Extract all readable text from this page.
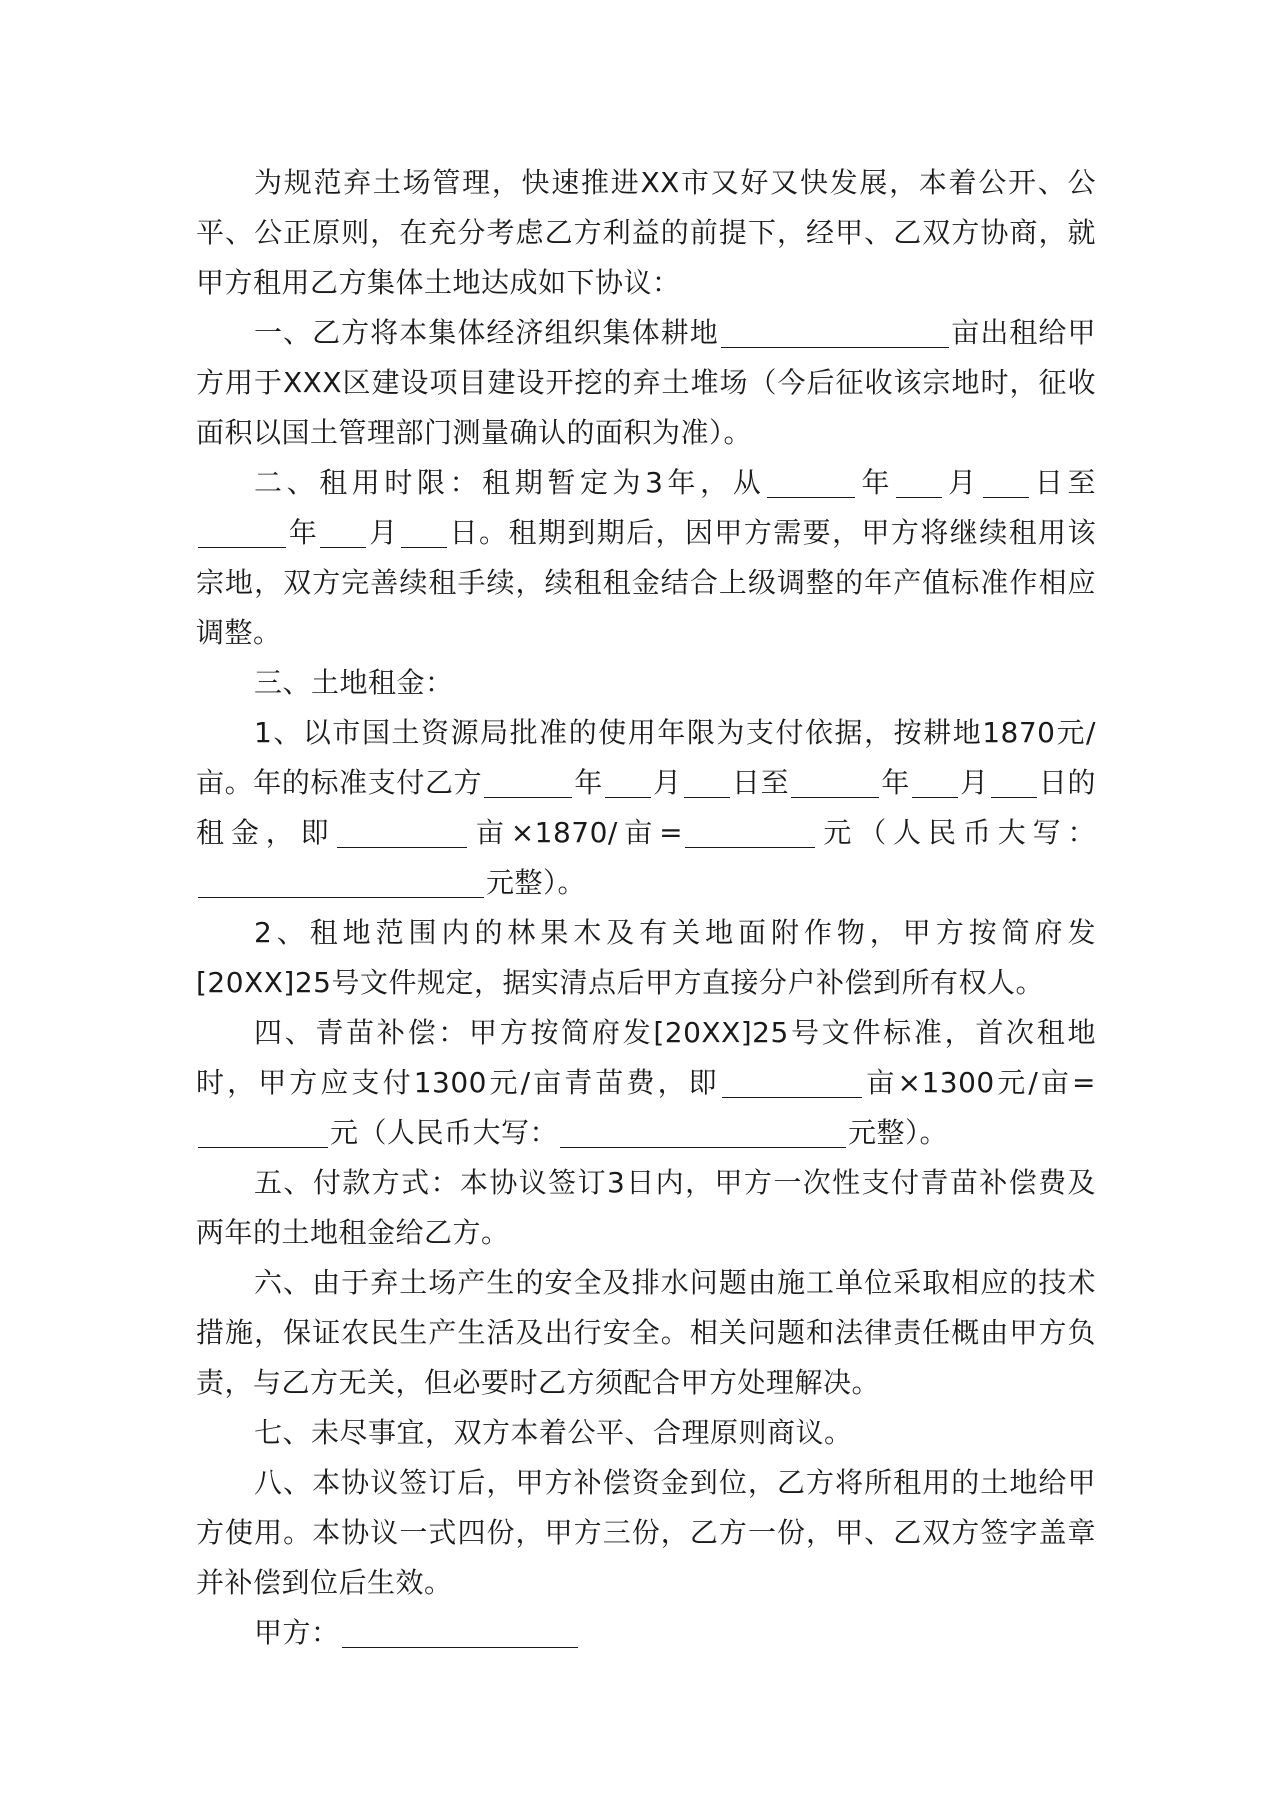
为规范弃土场管理，快速推进XX市又好又快发展，本着公开、公平、公正原则，在充分考虑乙方利益的前提下，经甲、乙双方协商，就甲方租用乙方集体土地达成如下协议：

一、乙方将本集体经济组织集体耕地	亩出租给甲方用于XXX区建设项目建设开挖的弃土堆场（今后征收该宗地时，征收面积以国土管理部门测量确认的面积为准）。

二、租用时限：租期暂定为3年，从	年 月 日至年 月 日。租期到期后，因甲方需要，甲方将继续租用该宗地，双方完善续租手续，续租租金结合上级调整的年产值标准作相应调整。

三、土地租金：

1、以市国土资源局批准的使用年限为支付依据，按耕地1870元/亩。年的标准支付乙方	年 月 日至	年 月 日的租金，即	亩×1870/亩=	元（人民币大写：元整）。

2、租地范围内的林果木及有关地面附作物，甲方按简府发[20XX]25号文件规定，据实清点后甲方直接分户补偿到所有权人。

四、青苗补偿：甲方按简府发[20XX]25号文件标准，首次租地时，甲方应支付1300元/亩青苗费，即	亩×1300元/亩=元（人民币大写：	元整）。

五、付款方式：本协议签订3日内，甲方一次性支付青苗补偿费及两年的土地租金给乙方。

六、由于弃土场产生的安全及排水问题由施工单位采取相应的技术措施，保证农民生产生活及出行安全。相关问题和法律责任概由甲方负责，与乙方无关，但必要时乙方须配合甲方处理解决。

七、未尽事宜，双方本着公平、合理原则商议。

八、本协议签订后，甲方补偿资金到位，乙方将所租用的土地给甲方使用。本协议一式四份，甲方三份，乙方一份，甲、乙双方签字盖章并补偿到位后生效。

甲方：
